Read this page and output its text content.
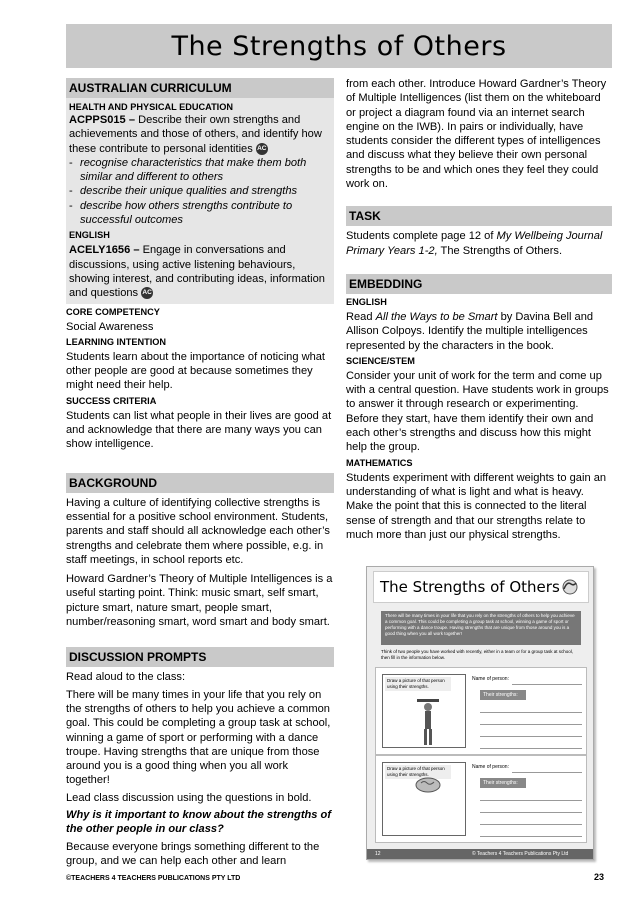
The Strengths of Others
AUSTRALIAN CURRICULUM
HEALTH AND PHYSICAL EDUCATION

ACPPS015 – Describe their own strengths and achievements and those of others, and identify how these contribute to personal identities AC

- recognise characteristics that make them both similar and different to others
- describe their unique qualities and strengths
- describe how others strengths contribute to successful outcomes
ENGLISH

ACELY1656 – Engage in conversations and discussions, using active listening behaviours, showing interest, and contributing ideas, information and questions AC

CORE COMPETENCY

Social Awareness

LEARNING INTENTION

Students learn about the importance of noticing what other people are good at because sometimes they might need their help.

SUCCESS CRITERIA

Students can list what people in their lives are good at and acknowledge that there are many ways you can show intelligence.

BACKGROUND

Having a culture of identifying collective strengths is essential for a positive school environment. Students, parents and staff should all acknowledge each other’s strengths and celebrate them where possible, e.g. in staff meetings, in school reports etc.

Howard Gardner’s Theory of Multiple Intelligences is a useful starting point. Think: music smart, self smart, picture smart, nature smart, people smart, number/reasoning smart, word smart and body smart.

DISCUSSION PROMPTS

Read aloud to the class:

There will be many times in your life that you rely on the strengths of others to help you achieve a common goal. This could be completing a group task at school, winning a game of sport or performing with a dance troupe. Having strengths that are unique from those around you is a good thing when you all work together!

Lead class discussion using the questions in bold.

Why is it important to know about the strengths of the other people in our class?

Because everyone brings something different to the group, and we can help each other and learn

from each other. Introduce Howard Gardner’s Theory of Multiple Intelligences (list them on the whiteboard or project a diagram found via an internet search engine on the IWB). In pairs or individually, have students consider the different types of intelligences and discuss what they believe their own personal strengths to be and which ones they feel they could work on.

TASK

Students complete page 12 of My Wellbeing Journal Primary Years 1-2, The Strengths of Others.

EMBEDDING
ENGLISH

Read All the Ways to be Smart by Davina Bell and Allison Colpoys. Identify the multiple intelligences represented by the characters in the book.

SCIENCE/STEM

Consider your unit of work for the term and come up with a central question. Have students work in groups to answer it through research or experimenting. Before they start, have them identify their own and each other’s strengths and discuss how this might help the group.

MATHEMATICS

Students experiment with different weights to gain an understanding of what is light and what is heavy. Make the point that this is connected to the literal sense of strength and that our strengths relate to much more than just our physical strengths.

The Strengths of Others
There will be many times in your life that you rely on the strengths of others to help you achieve a common goal. This could be completing a group task at school, winning a game of sport or performing with a dance troupe. Having strengths that are unique from those around you is a good thing when you all work together!
Think of two people you have worked with recently, either in a team or for a group task at school, then fill in the information below.
Draw a picture of that person using their strengths.
Name of person:
Their strengths:
Draw a picture of that person using their strengths.
Name of person:
Their strengths:
12	© Teachers 4 Teachers Publications Pty Ltd
©TEACHERS 4 TEACHERS PUBLICATIONS PTY LTD	23
